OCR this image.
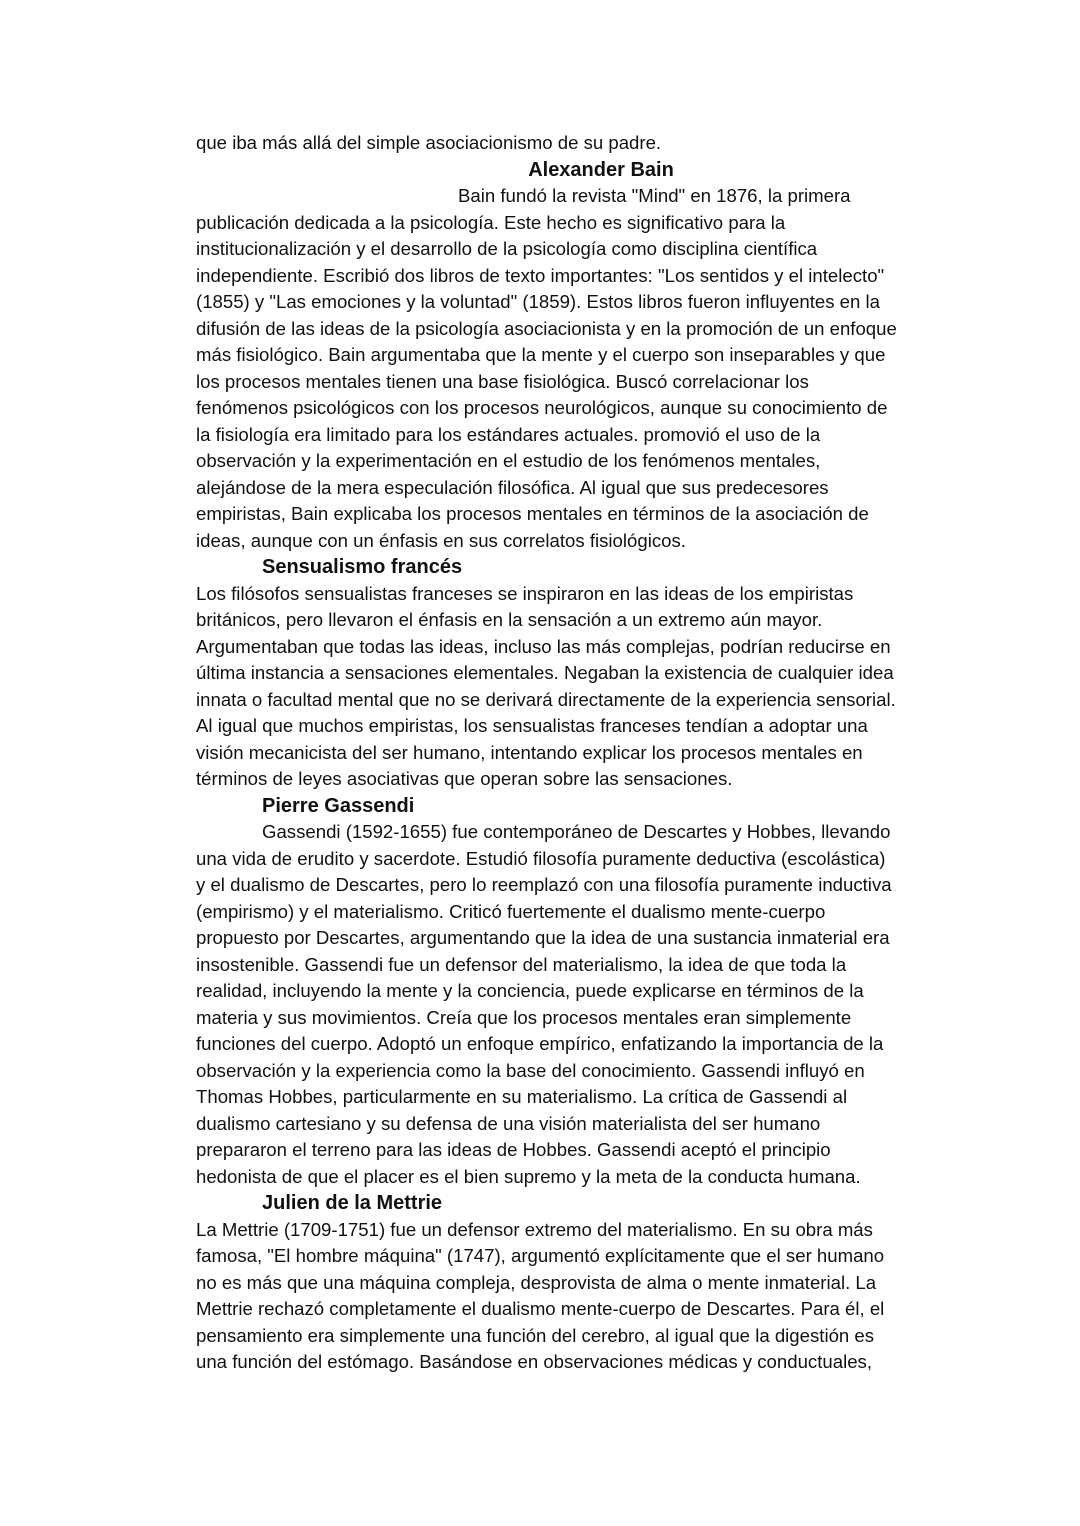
que iba más allá del simple asociacionismo de su padre.
Alexander Bain
Bain fundó la revista "Mind" en 1876, la primera
publicación dedicada a la psicología. Este hecho es significativo para la
institucionalización y el desarrollo de la psicología como disciplina científica
independiente. Escribió dos libros de texto importantes: "Los sentidos y el intelecto"
(1855) y "Las emociones y la voluntad" (1859). Estos libros fueron influyentes en la
difusión de las ideas de la psicología asociacionista y en la promoción de un enfoque
más fisiológico. Bain argumentaba que la mente y el cuerpo son inseparables y que
los procesos mentales tienen una base fisiológica. Buscó correlacionar los
fenómenos psicológicos con los procesos neurológicos, aunque su conocimiento de
la fisiología era limitado para los estándares actuales. promovió el uso de la
observación y la experimentación en el estudio de los fenómenos mentales,
alejándose de la mera especulación filosófica. Al igual que sus predecesores
empiristas, Bain explicaba los procesos mentales en términos de la asociación de
ideas, aunque con un énfasis en sus correlatos fisiológicos.
Sensualismo francés
Los filósofos sensualistas franceses se inspiraron en las ideas de los empiristas
británicos, pero llevaron el énfasis en la sensación a un extremo aún mayor.
Argumentaban que todas las ideas, incluso las más complejas, podrían reducirse en
última instancia a sensaciones elementales. Negaban la existencia de cualquier idea
innata o facultad mental que no se derivará directamente de la experiencia sensorial.
Al igual que muchos empiristas, los sensualistas franceses tendían a adoptar una
visión mecanicista del ser humano, intentando explicar los procesos mentales en
términos de leyes asociativas que operan sobre las sensaciones.
Pierre Gassendi
Gassendi (1592-1655) fue contemporáneo de Descartes y Hobbes, llevando
una vida de erudito y sacerdote. Estudió filosofía puramente deductiva (escolástica)
y el dualismo de Descartes, pero lo reemplazó con una filosofía puramente inductiva
(empirismo) y el materialismo. Criticó fuertemente el dualismo mente-cuerpo
propuesto por Descartes, argumentando que la idea de una sustancia inmaterial era
insostenible. Gassendi fue un defensor del materialismo, la idea de que toda la
realidad, incluyendo la mente y la conciencia, puede explicarse en términos de la
materia y sus movimientos. Creía que los procesos mentales eran simplemente
funciones del cuerpo. Adoptó un enfoque empírico, enfatizando la importancia de la
observación y la experiencia como la base del conocimiento. Gassendi influyó en
Thomas Hobbes, particularmente en su materialismo. La crítica de Gassendi al
dualismo cartesiano y su defensa de una visión materialista del ser humano
prepararon el terreno para las ideas de Hobbes. Gassendi aceptó el principio
hedonista de que el placer es el bien supremo y la meta de la conducta humana.
Julien de la Mettrie
La Mettrie (1709-1751) fue un defensor extremo del materialismo. En su obra más
famosa, "El hombre máquina" (1747), argumentó explícitamente que el ser humano
no es más que una máquina compleja, desprovista de alma o mente inmaterial. La
Mettrie rechazó completamente el dualismo mente-cuerpo de Descartes. Para él, el
pensamiento era simplemente una función del cerebro, al igual que la digestión es
una función del estómago. Basándose en observaciones médicas y conductuales,
